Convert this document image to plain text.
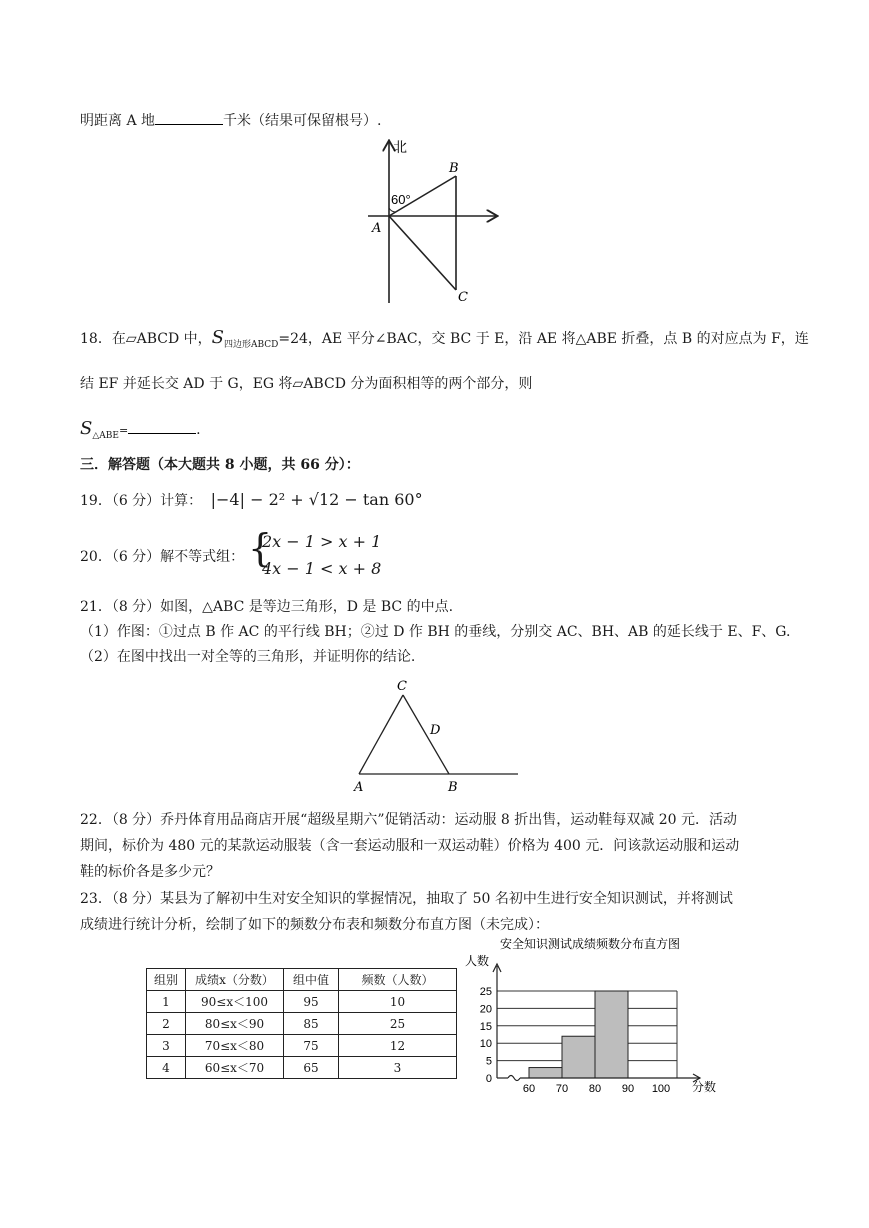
明距离 A 地	千米（结果可保留根号）.
北
60°
A
B
C
18．在▱ABCD 中，$S_{四边形ABCD}=24$，AE 平分∠BAC，交 BC 于 E，沿 AE 将△ABE 折叠，点 B 的对应点为 F，连
结 EF 并延长交 AD 于 G，EG 将▱ABCD 分为面积相等的两个部分，则
$S_{\triangle ABE}=$	.
三．解答题（本大题共 8 小题，共 66 分）：
19．（6 分）计算： |−4| − 2² + √12 − tan 60°
20．（6 分）解不等式组： {
2x − 1 > x + 1
4x − 1 < x + 8
21．（8 分）如图，△ABC 是等边三角形，D 是 BC 的中点.
（1）作图：①过点 B 作 AC 的平行线 BH；②过 D 作 BH 的垂线，分别交 AC、BH、AB 的延长线于 E、F、G.
（2）在图中找出一对全等的三角形，并证明你的结论.
C
D
A	B
22．（8 分）乔丹体育用品商店开展“超级星期六”促销活动：运动服 8 折出售，运动鞋每双减 20 元．活动
期间，标价为 480 元的某款运动服装（含一套运动服和一双运动鞋）价格为 400 元．问该款运动服和运动
鞋的标价各是多少元？
23．（8 分）某县为了解初中生对安全知识的掌握情况，抽取了 50 名初中生进行安全知识测试，并将测试
成绩进行统计分析，绘制了如下的频数分布表和频数分布直方图（未完成）：
组别	成绩x（分数）	组中值	频数（人数）
1	90≤x＜100	95	10
2	80≤x＜90	85	25
3	70≤x＜80	75	12
4	60≤x＜70	65	3
安全知识测试成绩频数分布直方图
人数
分数
0
5
10
15
20
25
60 70 80 90 100
